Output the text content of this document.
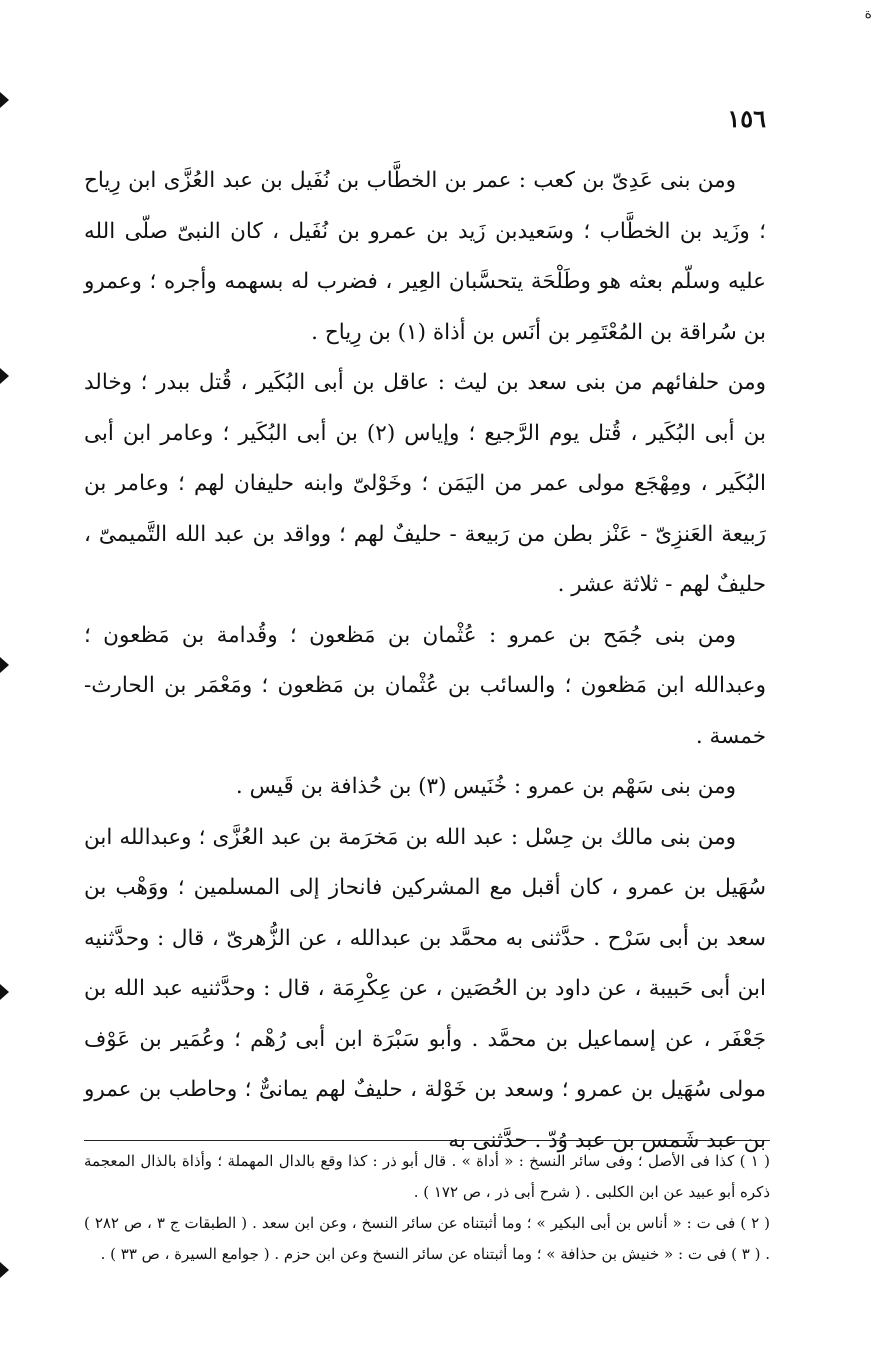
ة
١٥٦

ومن بنى عَدِىّ بن كعب : عمر بن الخطَّاب بن نُفَيل بن عبد العُزَّى ابن رِياح ؛ وزَيد بن الخطَّاب ؛ وسَعيدبن زَيد بن عمرو بن نُفَيل ، كان النبىّ صلّى الله عليه وسلّم بعثه هو وطَلْحَة يتحسَّبان العِير ، فضرب له بسهمه وأجره ؛ وعمرو بن سُراقة بن المُعْتَمِر بن أنَس بن أذاة (١) بن رِياح .

ومن حلفائهم من بنى سعد بن ليث : عاقل بن أبى البُكَير ، قُتل ببدر ؛ وخالد بن أبى البُكَير ، قُتل يوم الرَّجيع ؛ وإياس (٢) بن أبى البُكَير ؛ وعامر ابن أبى البُكَير ، ومِهْجَع مولى عمر من اليَمَن ؛ وخَوْلىّ وابنه حليفان لهم ؛ وعامر بن رَبيعة العَنزِىّ - عَنْز بطن من رَبيعة - حليفٌ لهم ؛ وواقد بن عبد الله التَّميمىّ ، حليفٌ لهم - ثلاثة عشر .

ومن بنى جُمَح بن عمرو : عُثْمان بن مَظعون ؛ وقُدامة بن مَظعون ؛ وعبدالله ابن مَظعون ؛ والسائب بن عُثْمان بن مَظعون ؛ ومَعْمَر بن الحارث- خمسة .

ومن بنى سَهْم بن عمرو : خُنَيس (٣) بن حُذافة بن قَيس .

ومن بنى مالك بن حِسْل : عبد الله بن مَخرَمة بن عبد العُزَّى ؛ وعبدالله ابن سُهَيل بن عمرو ، كان أقبل مع المشركين فانحاز إلى المسلمين ؛ ووَهْب بن سعد بن أبى سَرْح . حدَّثنى به محمَّد بن عبدالله ، عن الزُّهرىّ ، قال : وحدَّثنيه ابن أبى حَبيبة ، عن داود بن الحُصَين ، عن عِكْرِمَة ، قال : وحدَّثنيه عبد الله بن جَعْفَر ، عن إسماعيل بن محمَّد . وأبو سَبْرَة ابن أبى رُهْم ؛ وعُمَير بن عَوْف مولى سُهَيل بن عمرو ؛ وسعد بن خَوْلة ، حليفٌ لهم يمانىٌّ ؛ وحاطب بن عمرو بن عبد شَمس بن عبد وُدّ . حدَّثنى به

( ١ ) كذا فى الأصل ؛ وفى سائر النسخ : « أداة » . قال أبو ذر : كذا وقع بالدال المهملة ؛ وأذاة بالذال المعجمة ذكره أبو عبيد عن ابن الكلبى . ( شرح أبى ذر ، ص ١٧٢ ) .

( ٢ ) فى ت : « أناس بن أبى البكير » ؛ وما أثبتناه عن سائر النسخ ، وعن ابن سعد . ( الطبقات ج ٣ ، ص ٢٨٢ ) . ( ٣ ) فى ت : « خنيش بن حذافة » ؛ وما أثبتناه عن سائر النسخ وعن ابن حزم . ( جوامع السيرة ، ص ٣٣ ) .
